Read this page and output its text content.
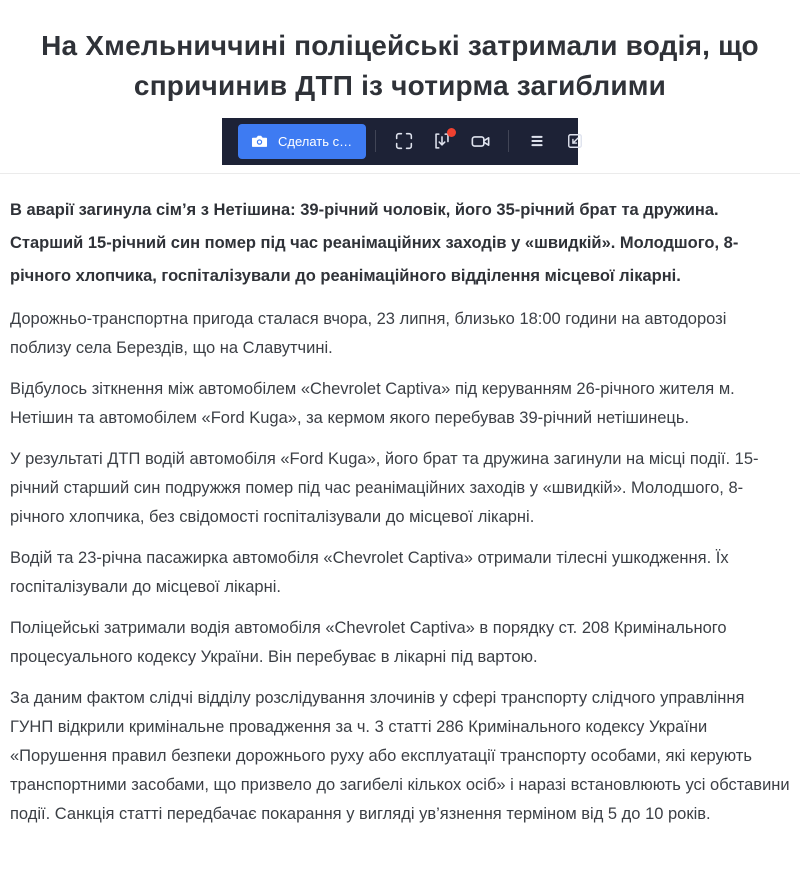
На Хмельниччині поліцейські затримали водія, що спричинив ДТП із чотирма загиблими
Сделать с…

В аварії загинула сім’я з Нетішина: 39-річний чоловік, його 35-річний брат та дружина. Старший 15-річний син помер під час реанімаційних заходів у «швидкій». Молодшого, 8-річного хлопчика, госпіталізували до реанімаційного відділення місцевої лікарні.

Дорожньо-транспортна пригода сталася вчора, 23 липня, близько 18:00 години на автодорозі поблизу села Берездів, що на Славутчині.

Відбулось зіткнення між автомобілем «Chevrolet Captiva» під керуванням 26-річного жителя м. Нетішин та автомобілем «Ford Kuga», за кермом якого перебував 39-річний нетішинець.

У результаті ДТП водій автомобіля «Ford Kuga», його брат та дружина загинули на місці події. 15-річний старший син подружжя помер під час реанімаційних заходів у «швидкій». Молодшого, 8-річного хлопчика, без свідомості госпіталізували до місцевої лікарні.

Водій та 23-річна пасажирка автомобіля «Chevrolet Captiva» отримали тілесні ушкодження. Їх госпіталізували до місцевої лікарні.

Поліцейські затримали водія автомобіля «Chevrolet Captiva» в порядку ст. 208 Кримінального процесуального кодексу України. Він перебуває в лікарні під вартою.

За даним фактом слідчі відділу розслідування злочинів у сфері транспорту слідчого управління ГУНП відкрили кримінальне провадження за ч. 3 статті 286 Кримінального кодексу України «Порушення правил безпеки дорожнього руху або експлуатації транспорту особами, які керують транспортними засобами, що призвело до загибелі кількох осіб» і наразі встановлюють усі обставини події. Санкція статті передбачає покарання у вигляді ув’язнення терміном від 5 до 10 років.
